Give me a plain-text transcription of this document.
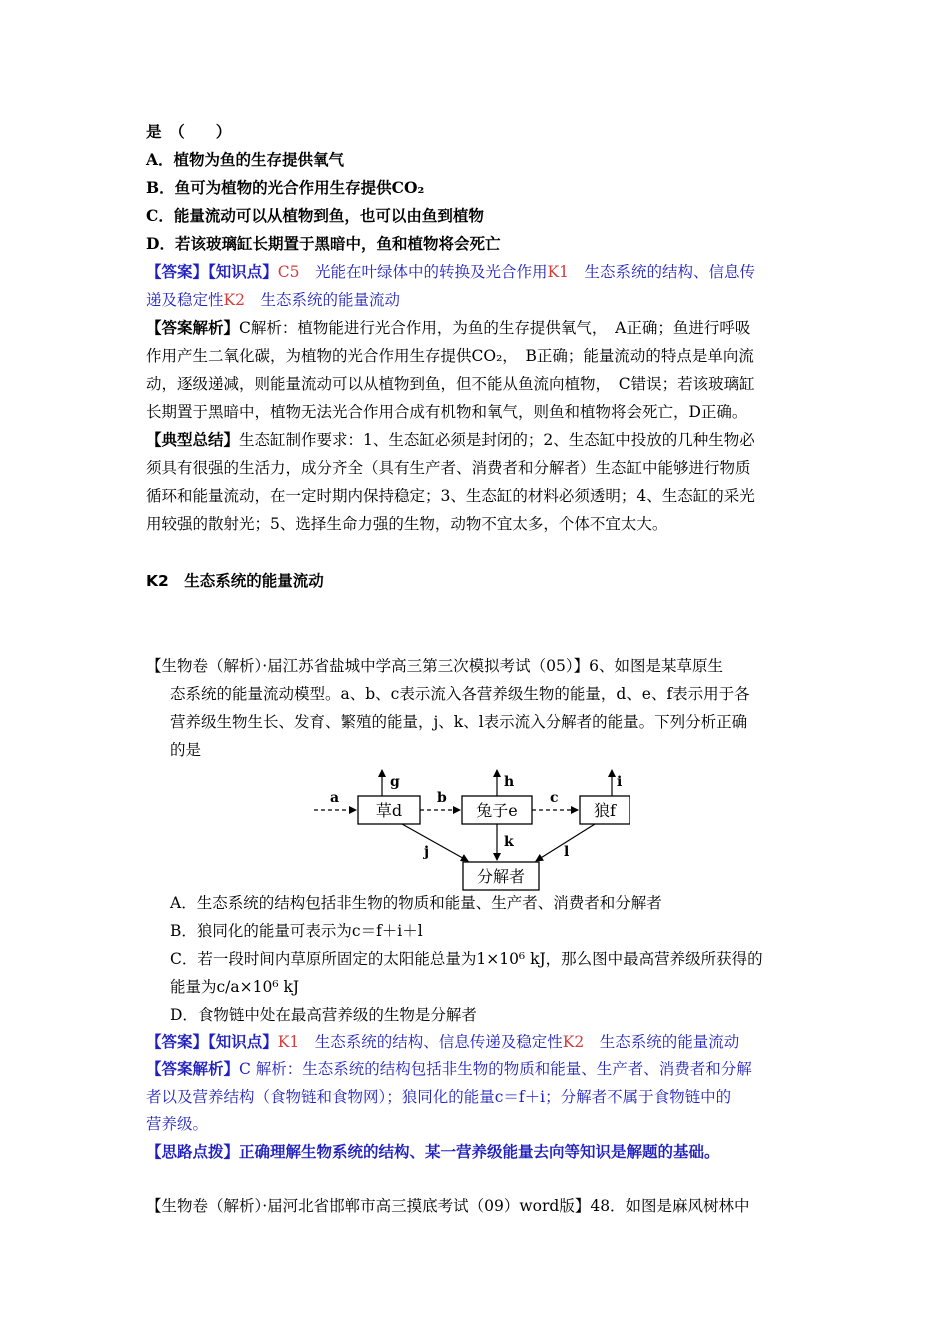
是　（　　）
A．植物为鱼的生存提供氧气
B．鱼可为植物的光合作用生存提供CO₂
C．能量流动可以从植物到鱼，也可以由鱼到植物
D．若该玻璃缸长期置于黑暗中，鱼和植物将会死亡
【答案】【知识点】C5　光能在叶绿体中的转换及光合作用K1　生态系统的结构、信息传
递及稳定性K2　生态系统的能量流动
【答案解析】C解析：植物能进行光合作用，为鱼的生存提供氧气，　A正确；鱼进行呼吸
作用产生二氧化碳，为植物的光合作用生存提供CO₂，　B正确；能量流动的特点是单向流
动，逐级递减，则能量流动可以从植物到鱼，但不能从鱼流向植物，　C错误；若该玻璃缸
长期置于黑暗中，植物无法光合作用合成有机物和氧气，则鱼和植物将会死亡，D正确。
【典型总结】生态缸制作要求：1、生态缸必须是封闭的；2、生态缸中投放的几种生物必
须具有很强的生活力，成分齐全（具有生产者、消费者和分解者）生态缸中能够进行物质
循环和能量流动，在一定时期内保持稳定；3、生态缸的材料必须透明；4、生态缸的采光
用较强的散射光；5、选择生命力强的生物，动物不宜太多，个体不宜太大。
K2　生态系统的能量流动
【生物卷（解析）·届江苏省盐城中学高三第三次模拟考试（05）】6、如图是某草原生
态系统的能量流动模型。a、b、c表示流入各营养级生物的能量，d、e、f表示用于各
营养级生物生长、发育、繁殖的能量，j、k、l表示流入分解者的能量。下列分析正确
的是
草d	兔子e	狼f
分解者
a	b	c
g	h	i
j
k
l
A．生态系统的结构包括非生物的物质和能量、生产者、消费者和分解者
B．狼同化的能量可表示为c＝f＋i＋l
C．若一段时间内草原所固定的太阳能总量为1×10⁶ kJ，那么图中最高营养级所获得的
能量为c/a×10⁶ kJ
D．食物链中处在最高营养级的生物是分解者
【答案】【知识点】K1　生态系统的结构、信息传递及稳定性K2　生态系统的能量流动
【答案解析】C 解析：生态系统的结构包括非生物的物质和能量、生产者、消费者和分解
者以及营养结构（食物链和食物网）；狼同化的能量c＝f＋i；分解者不属于食物链中的
营养级。
【思路点拨】正确理解生物系统的结构、某一营养级能量去向等知识是解题的基础。
【生物卷（解析）·届河北省邯郸市高三摸底考试（09）word版】48．如图是麻风树林中
